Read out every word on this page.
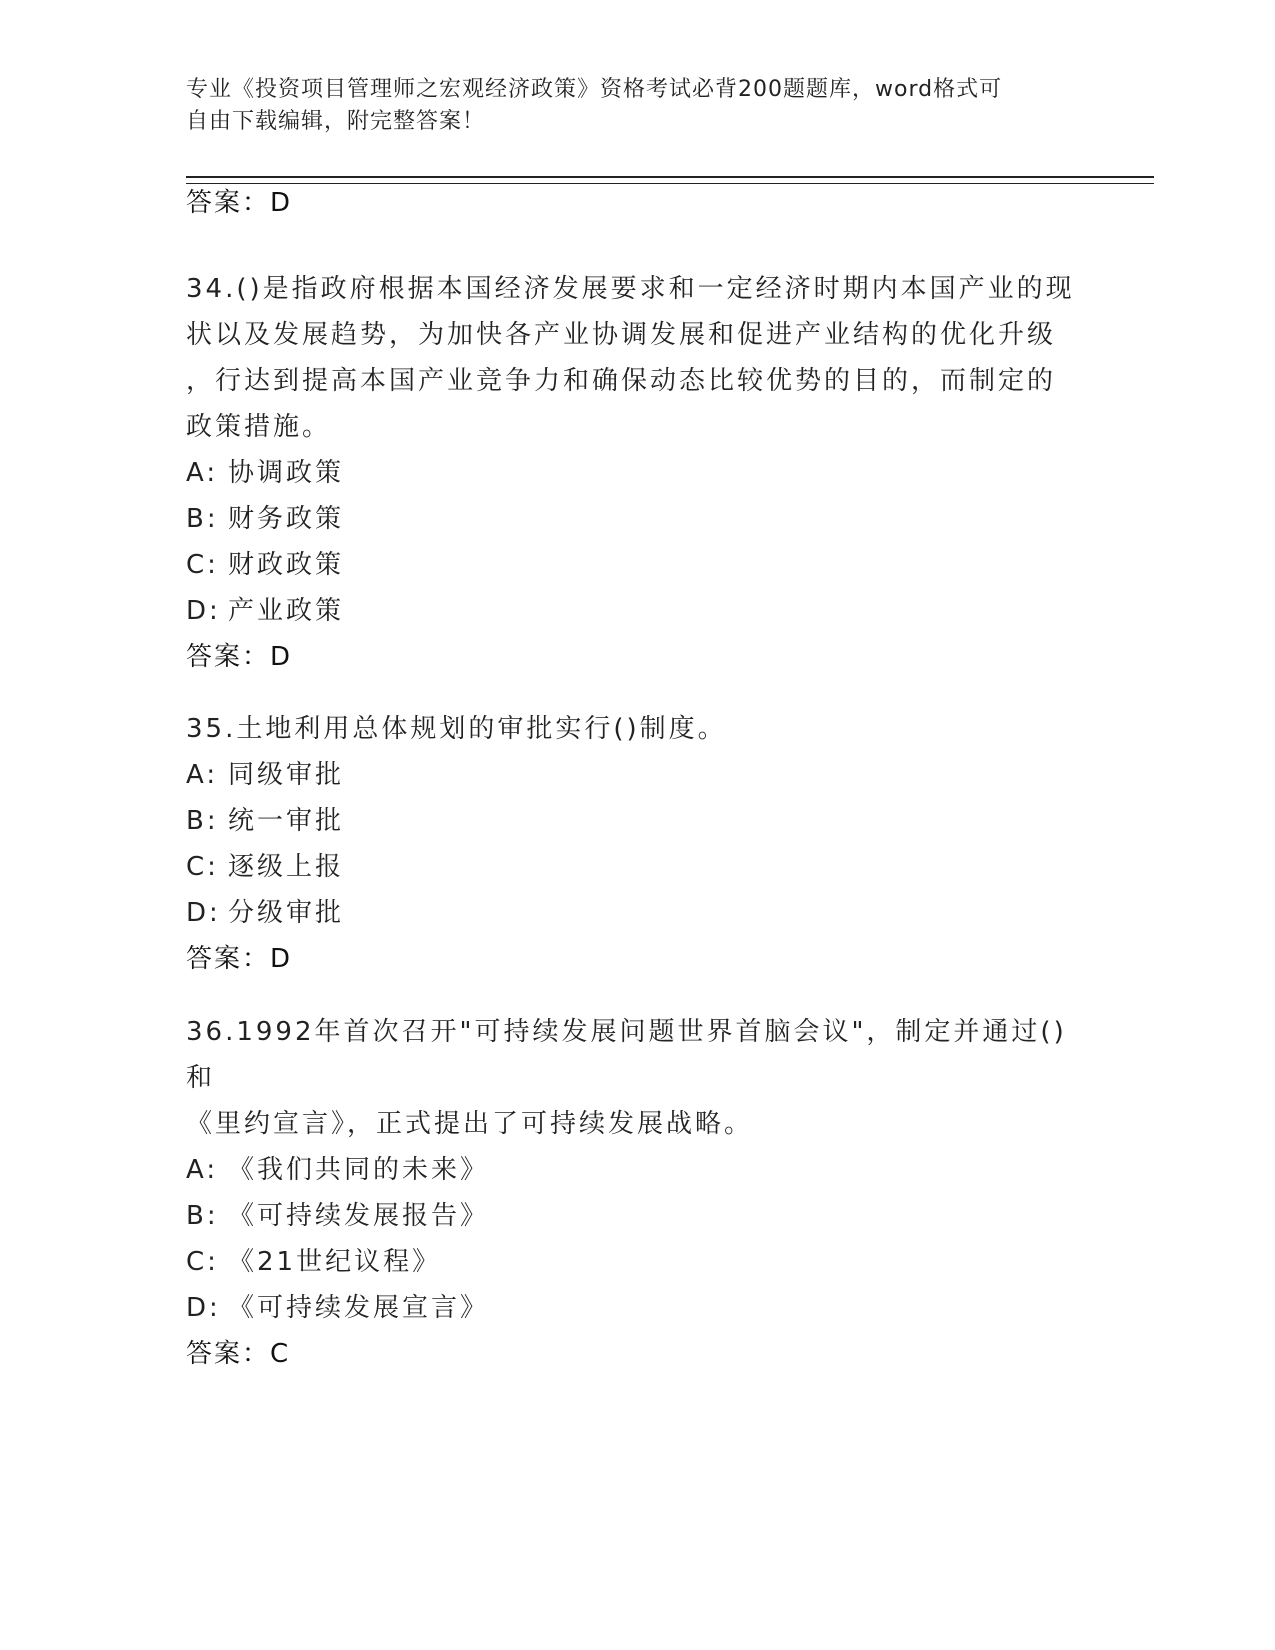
专业《投资项目管理师之宏观经济政策》资格考试必背200题题库，word格式可
自由下载编辑，附完整答案！
答案：D
34.()是指政府根据本国经济发展要求和一定经济时期内本国产业的现
状以及发展趋势，为加快各产业协调发展和促进产业结构的优化升级
，行达到提高本国产业竞争力和确保动态比较优势的目的，而制定的
政策措施。
A: 协调政策
B: 财务政策
C: 财政政策
D: 产业政策
答案：D
35.土地利用总体规划的审批实行()制度。
A: 同级审批
B: 统一审批
C: 逐级上报
D: 分级审批
答案：D
36.1992年首次召开"可持续发展问题世界首脑会议"，制定并通过()和
《里约宣言》，正式提出了可持续发展战略。
A: 《我们共同的未来》
B: 《可持续发展报告》
C: 《21世纪议程》
D: 《可持续发展宣言》
答案：C
